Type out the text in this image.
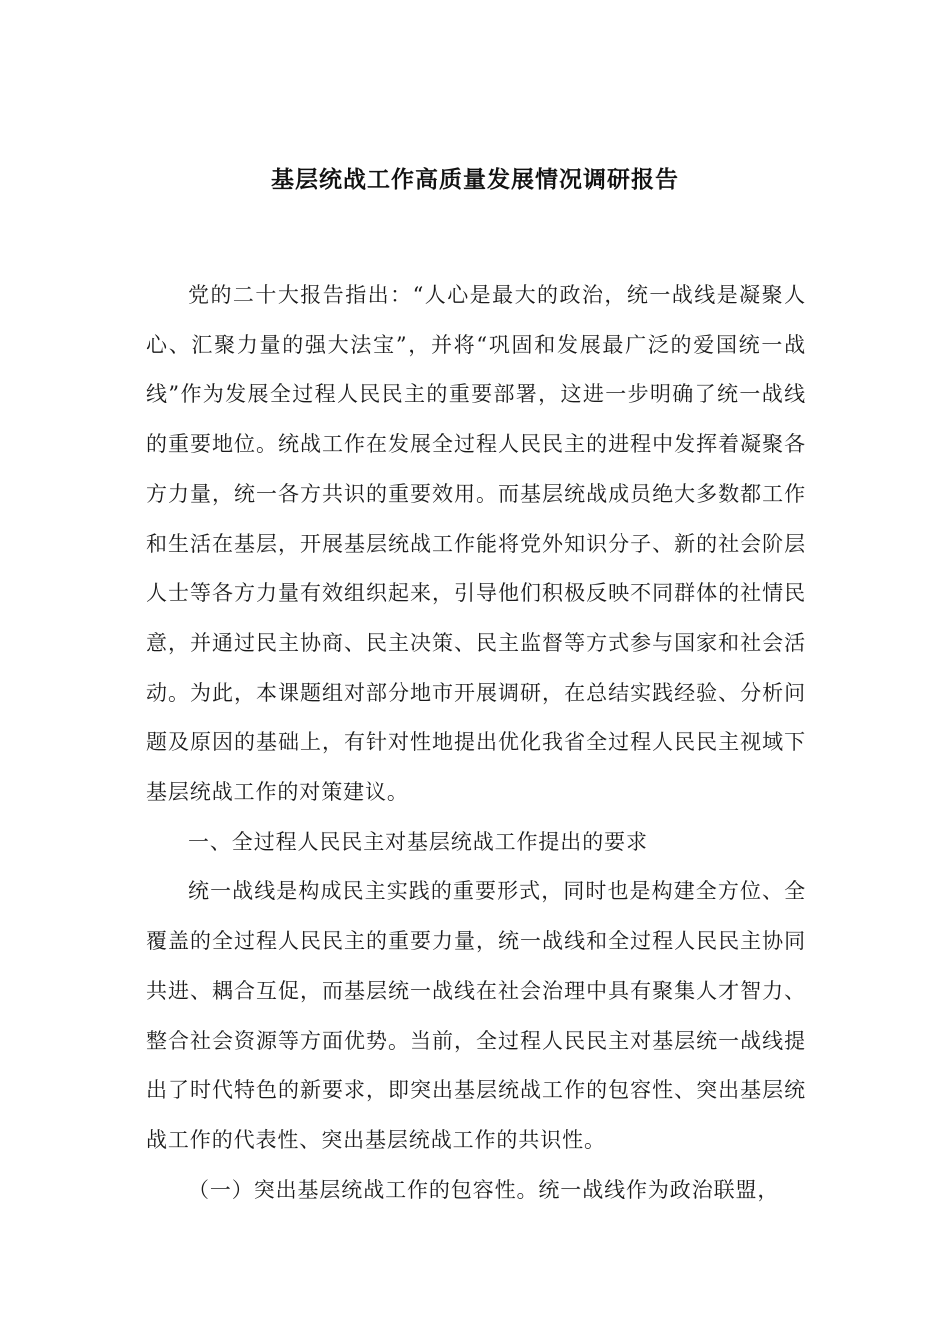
基层统战工作高质量发展情况调研报告

党的二十大报告指出：“人心是最大的政治，统一战线是凝聚人心、汇聚力量的强大法宝”，并将“巩固和发展最广泛的爱国统一战线”作为发展全过程人民民主的重要部署，这进一步明确了统一战线的重要地位。统战工作在发展全过程人民民主的进程中发挥着凝聚各方力量，统一各方共识的重要效用。而基层统战成员绝大多数都工作和生活在基层，开展基层统战工作能将党外知识分子、新的社会阶层人士等各方力量有效组织起来，引导他们积极反映不同群体的社情民意，并通过民主协商、民主决策、民主监督等方式参与国家和社会活动。为此，本课题组对部分地市开展调研，在总结实践经验、分析问题及原因的基础上，有针对性地提出优化我省全过程人民民主视域下基层统战工作的对策建议。

一、全过程人民民主对基层统战工作提出的要求

统一战线是构成民主实践的重要形式，同时也是构建全方位、全覆盖的全过程人民民主的重要力量，统一战线和全过程人民民主协同共进、耦合互促，而基层统一战线在社会治理中具有聚集人才智力、整合社会资源等方面优势。当前，全过程人民民主对基层统一战线提出了时代特色的新要求，即突出基层统战工作的包容性、突出基层统战工作的代表性、突出基层统战工作的共识性。

（一）突出基层统战工作的包容性。统一战线作为政治联盟，
